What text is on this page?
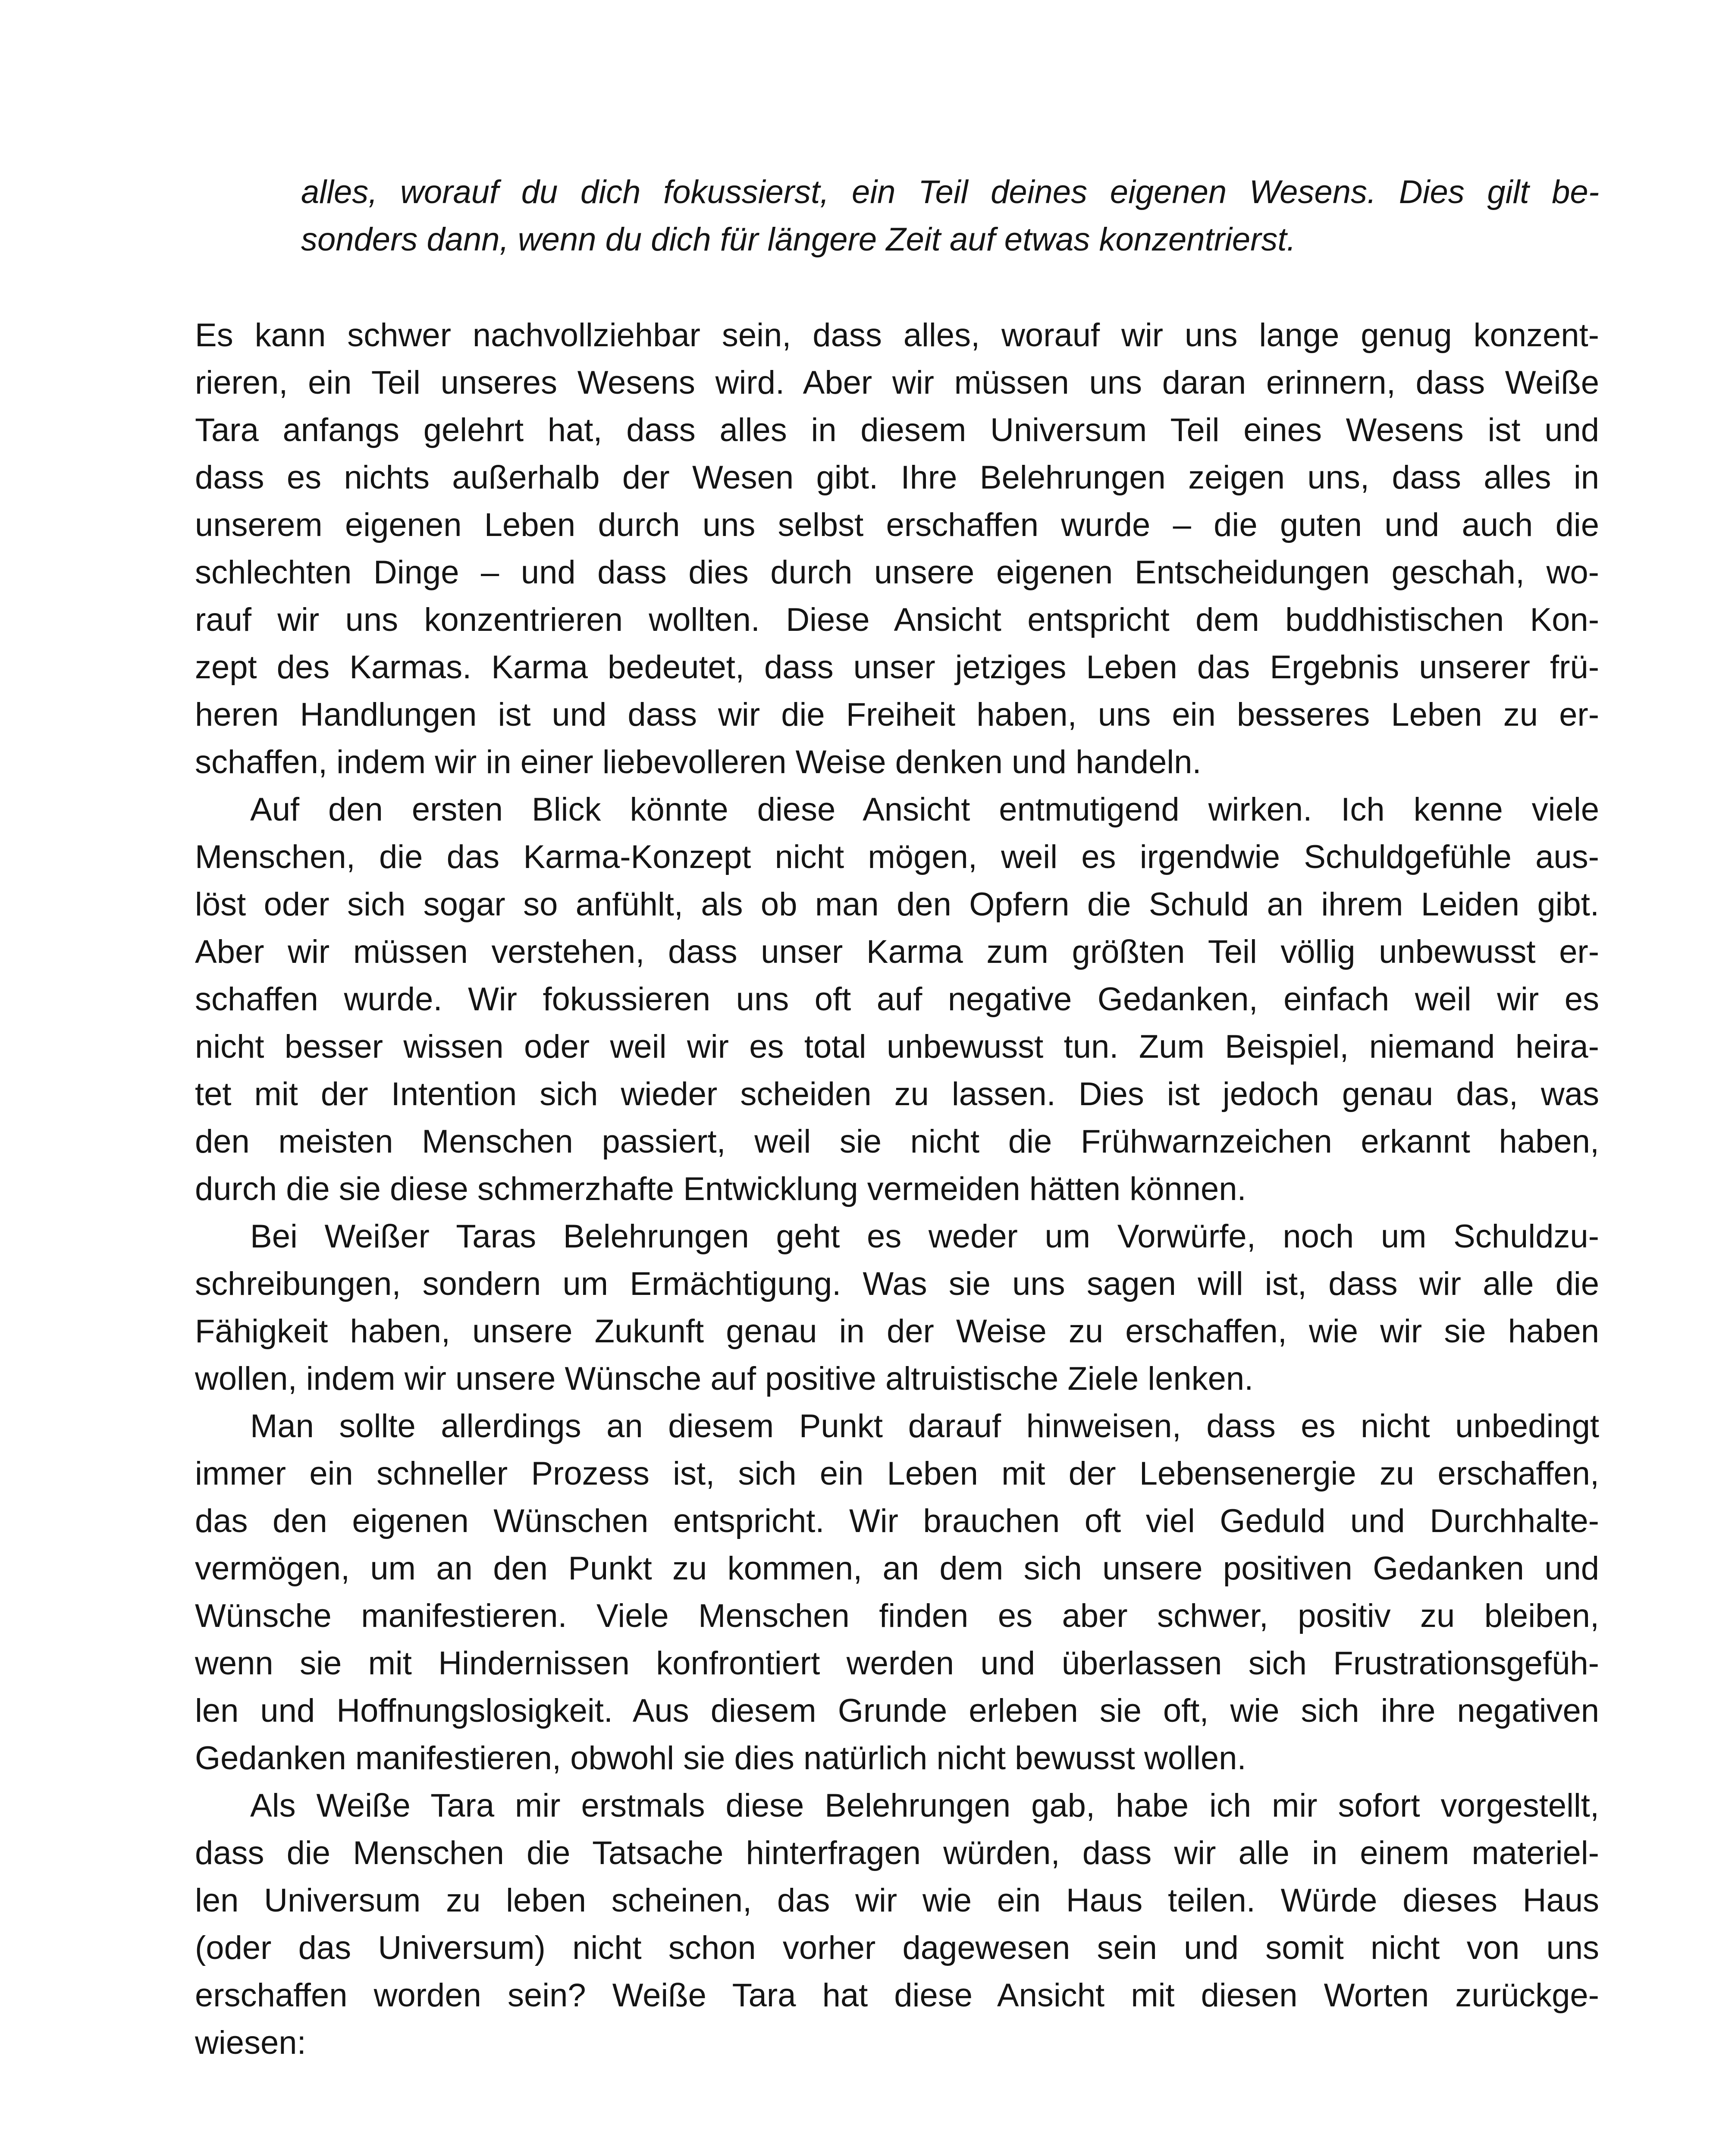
alles, worauf du dich fokussierst, ein Teil deines eigenen Wesens. Dies gilt be-
sonders dann, wenn du dich für längere Zeit auf etwas konzentrierst.
Es kann schwer nachvollziehbar sein, dass alles, worauf wir uns lange genug konzent-
rieren, ein Teil unseres Wesens wird. Aber wir müssen uns daran erinnern, dass Weiße
Tara anfangs gelehrt hat, dass alles in diesem Universum Teil eines Wesens ist und
dass es nichts außerhalb der Wesen gibt. Ihre Belehrungen zeigen uns, dass alles in
unserem eigenen Leben durch uns selbst erschaffen wurde – die guten und auch die
schlechten Dinge – und dass dies durch unsere eigenen Entscheidungen geschah, wo-
rauf wir uns konzentrieren wollten. Diese Ansicht entspricht dem buddhistischen Kon-
zept des Karmas. Karma bedeutet, dass unser jetziges Leben das Ergebnis unserer frü-
heren Handlungen ist und dass wir die Freiheit haben, uns ein besseres Leben zu er-
schaffen, indem wir in einer liebevolleren Weise denken und handeln.
Auf den ersten Blick könnte diese Ansicht entmutigend wirken. Ich kenne viele
Menschen, die das Karma-Konzept nicht mögen, weil es irgendwie Schuldgefühle aus-
löst oder sich sogar so anfühlt, als ob man den Opfern die Schuld an ihrem Leiden gibt.
Aber wir müssen verstehen, dass unser Karma zum größten Teil völlig unbewusst er-
schaffen wurde. Wir fokussieren uns oft auf negative Gedanken, einfach weil wir es
nicht besser wissen oder weil wir es total unbewusst tun. Zum Beispiel, niemand heira-
tet mit der Intention sich wieder scheiden zu lassen. Dies ist jedoch genau das, was
den meisten Menschen passiert, weil sie nicht die Frühwarnzeichen erkannt haben,
durch die sie diese schmerzhafte Entwicklung vermeiden hätten können.
Bei Weißer Taras Belehrungen geht es weder um Vorwürfe, noch um Schuldzu-
schreibungen, sondern um Ermächtigung. Was sie uns sagen will ist, dass wir alle die
Fähigkeit haben, unsere Zukunft genau in der Weise zu erschaffen, wie wir sie haben
wollen, indem wir unsere Wünsche auf positive altruistische Ziele lenken.
Man sollte allerdings an diesem Punkt darauf hinweisen, dass es nicht unbedingt
immer ein schneller Prozess ist, sich ein Leben mit der Lebensenergie zu erschaffen,
das den eigenen Wünschen entspricht. Wir brauchen oft viel Geduld und Durchhalte-
vermögen, um an den Punkt zu kommen, an dem sich unsere positiven Gedanken und
Wünsche manifestieren. Viele Menschen finden es aber schwer, positiv zu bleiben,
wenn sie mit Hindernissen konfrontiert werden und überlassen sich Frustrationsgefüh-
len und Hoffnungslosigkeit. Aus diesem Grunde erleben sie oft, wie sich ihre negativen
Gedanken manifestieren, obwohl sie dies natürlich nicht bewusst wollen.
Als Weiße Tara mir erstmals diese Belehrungen gab, habe ich mir sofort vorgestellt,
dass die Menschen die Tatsache hinterfragen würden, dass wir alle in einem materiel-
len Universum zu leben scheinen, das wir wie ein Haus teilen. Würde dieses Haus
(oder das Universum) nicht schon vorher dagewesen sein und somit nicht von uns
erschaffen worden sein? Weiße Tara hat diese Ansicht mit diesen Worten zurückge-
wiesen:
